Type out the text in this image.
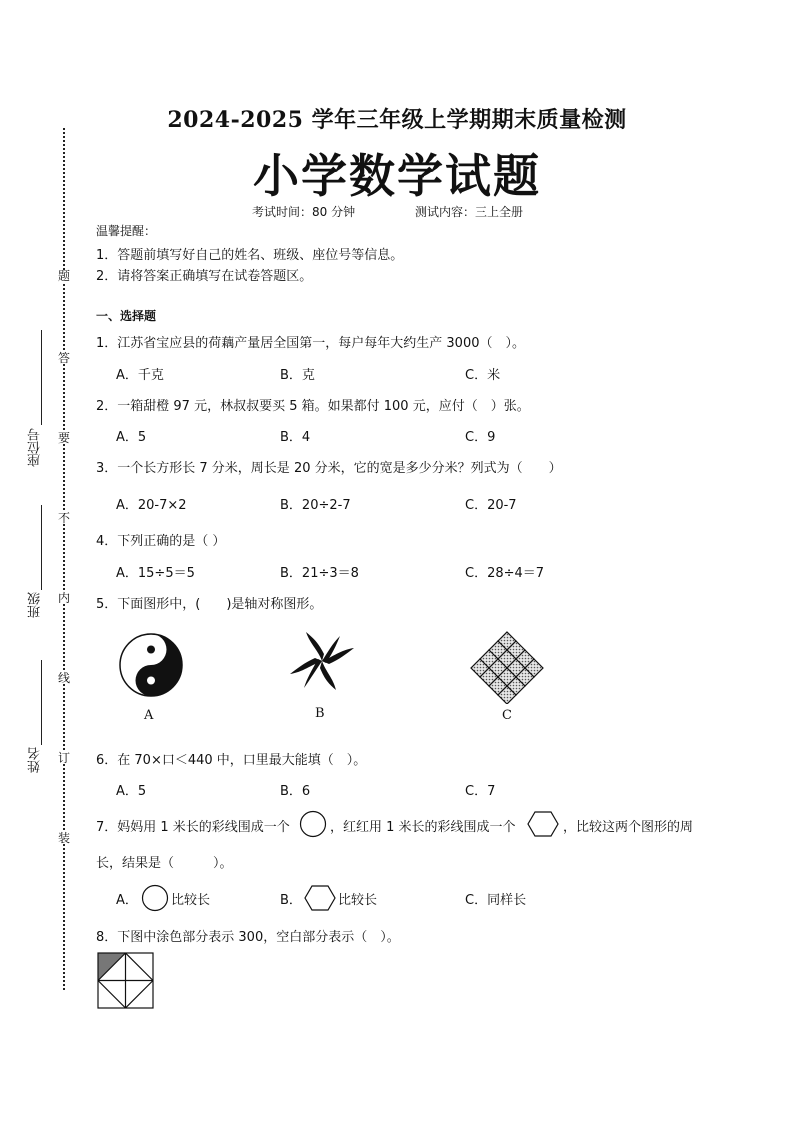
题
答
要
不
内
线
订
装
座位号
班级
姓名
2024-2025 学年三年级上学期期末质量检测
小学数学试题
考试时间：80 分钟	测试内容：三上全册
温馨提醒：
1．答题前填写好自己的姓名、班级、座位号等信息。
2．请将答案正确填写在试卷答题区。
一、选择题
1．江苏省宝应县的荷藕产量居全国第一，每户每年大约生产 3000（　）。
A．千克	B．克	C．米
2．一箱甜橙 97 元，林叔叔要买 5 箱。如果都付 100 元，应付（　）张。
A．5	B．4	C．9
3．一个长方形长 7 分米，周长是 20 分米，它的宽是多少分米？列式为（　　）
A．20-7×2	B．20÷2-7	C．20-7
4．下列正确的是（ ）
A．15÷5＝5	B．21÷3＝8	C．28÷4＝7
5．下面图形中，(　　)是轴对称图形。
A	B	C
6．在 70×口＜440 中，口里最大能填（　）。
A．5	B．6	C．7
7．妈妈用 1 米长的彩线围成一个	，红红用 1 米长的彩线围成一个	，比较这两个图形的周
长，结果是（　　　）。
A．	比较长	B．	比较长	C．同样长
8．下图中涂色部分表示 300，空白部分表示（　）。
